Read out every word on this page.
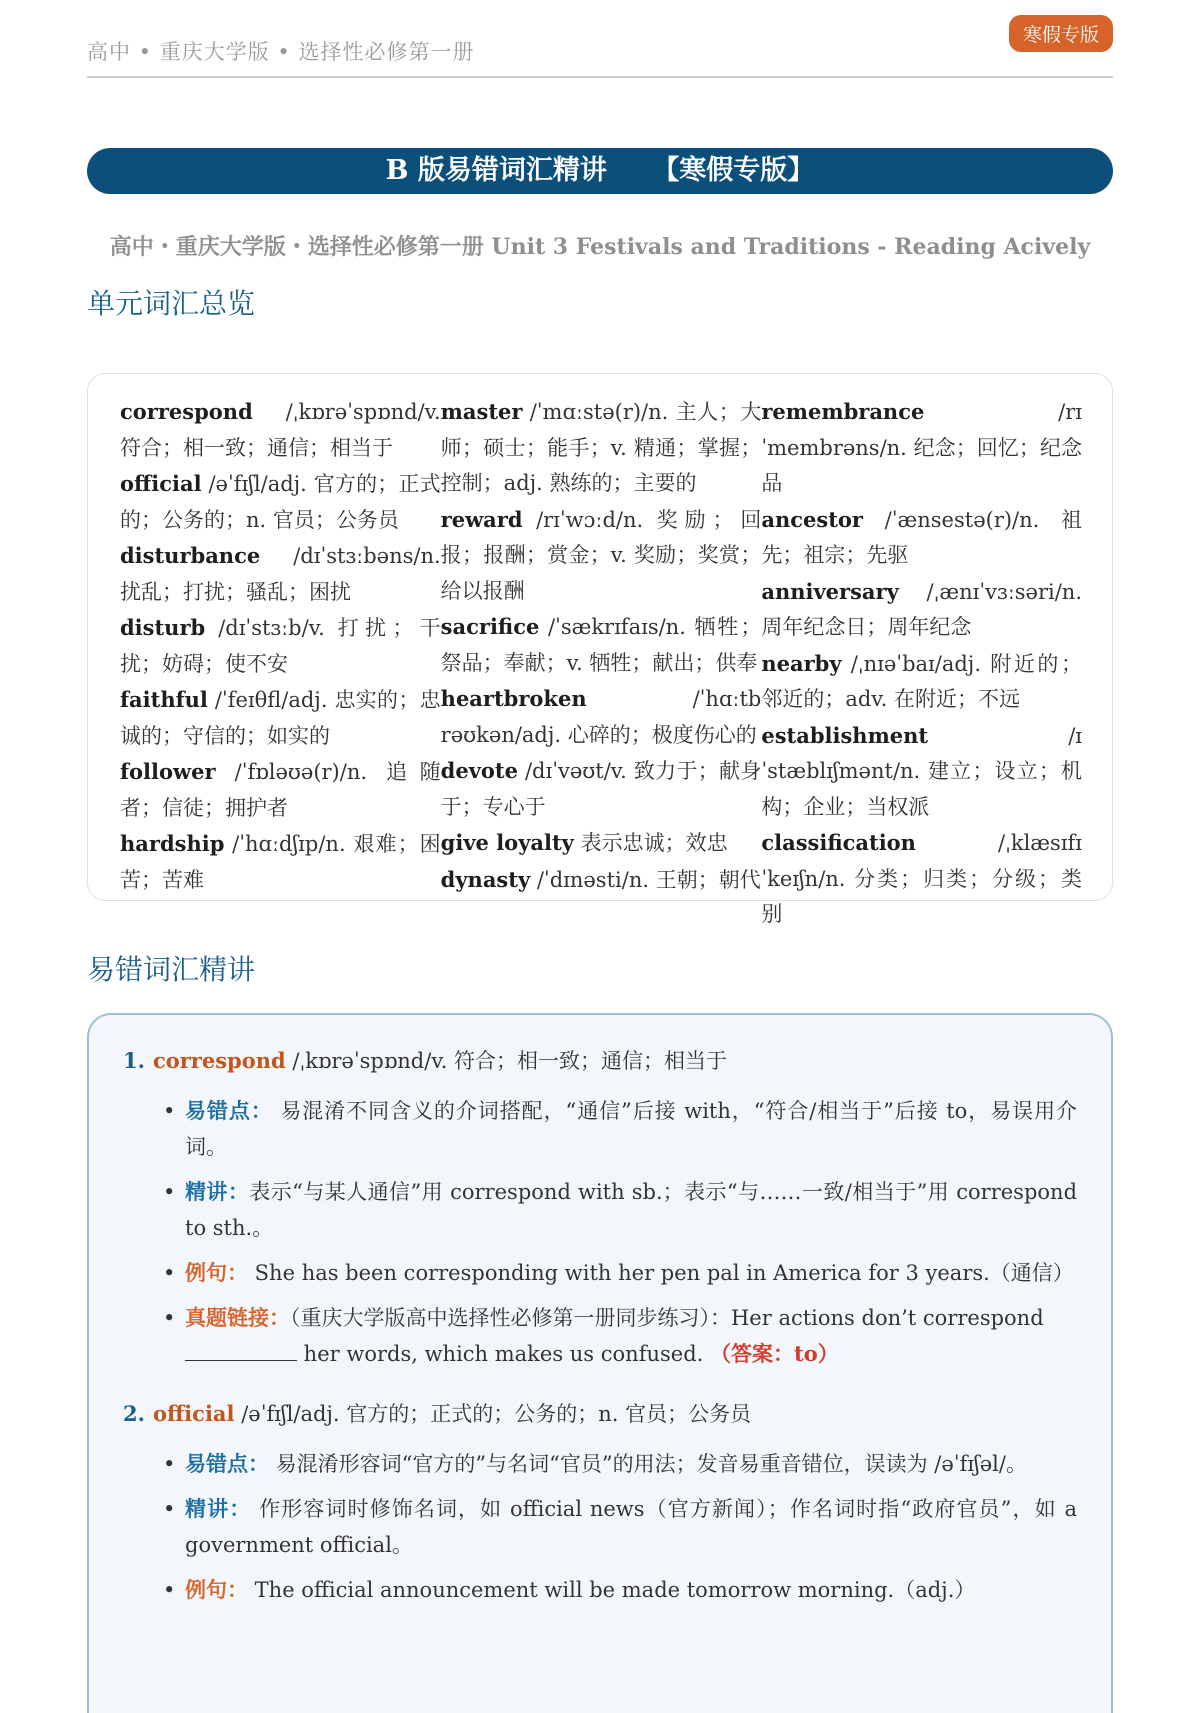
高中 • 重庆大学版 • 选择性必修第一册
寒假专版
B 版易错词汇精讲 【寒假专版】
高中・重庆大学版・选择性必修第一册 Unit 3 Festivals and Traditions - Reading Acively
单元词汇总览
correspond /ˌkɒrəˈspɒnd/v. 符合；相一致；通信；相当于
official /əˈfɪʃl/adj. 官方的；正式的；公务的；n. 官员；公务员
disturbance /dɪˈstɜːbəns/n. 扰乱；打扰；骚乱；困扰
disturb /dɪˈstɜːb/v. 打扰；干扰；妨碍；使不安
faithful /ˈfeɪθfl/adj. 忠实的；忠诚的；守信的；如实的
follower /ˈfɒləʊə(r)/n. 追随者；信徒；拥护者
hardship /ˈhɑːdʃɪp/n. 艰难；困苦；苦难
master /ˈmɑːstə(r)/n. 主人；大师；硕士；能手；v. 精通；掌握；控制；adj. 熟练的；主要的
reward /rɪˈwɔːd/n. 奖励；回报；报酬；赏金；v. 奖励；奖赏；给以报酬
sacrifice /ˈsækrɪfaɪs/n. 牺牲；祭品；奉献；v. 牺牲；献出；供奉
heartbroken /ˈhɑːtb rəʊkən/adj. 心碎的；极度伤心的
devote /dɪˈvəʊt/v. 致力于；献身于；专心于
give loyalty 表示忠诚；效忠
dynasty /ˈdɪnəsti/n. 王朝；朝代
remembrance /rɪˈmembrəns/n. 纪念；回忆；纪念品
ancestor /ˈænsestə(r)/n. 祖先；祖宗；先驱
anniversary /ˌænɪˈvɜːsəri/n. 周年纪念日；周年纪念
nearby /ˌnɪəˈbaɪ/adj. 附近的；邻近的；adv. 在附近；不远
establishment /ɪˈstæblɪʃmənt/n. 建立；设立；机构；企业；当权派
classification /ˌklæsɪfɪˈkeɪʃn/n. 分类；归类；分级；类别
易错词汇精讲
1. correspond /ˌkɒrəˈspɒnd/v. 符合；相一致；通信；相当于
• 易错点： 易混淆不同含义的介词搭配，“通信”后接 with，“符合/相当于”后接 to，易误用介词。
• 精讲：表示“与某人通信”用 correspond with sb.；表示“与……一致/相当于”用 correspond to sth.。
• 例句： She has been corresponding with her pen pal in America for 3 years.（通信）
• 真题链接：（重庆大学版高中选择性必修第一册同步练习）：Her actions don’t correspond
her words, which makes us confused. （答案：to）
2. official /əˈfɪʃl/adj. 官方的；正式的；公务的；n. 官员；公务员
• 易错点： 易混淆形容词“官方的”与名词“官员”的用法；发音易重音错位，误读为 /əˈfɪʃəl/。
• 精讲： 作形容词时修饰名词，如 official news（官方新闻）；作名词时指“政府官员”，如 a government official。
• 例句： The official announcement will be made tomorrow morning.（adj.）
